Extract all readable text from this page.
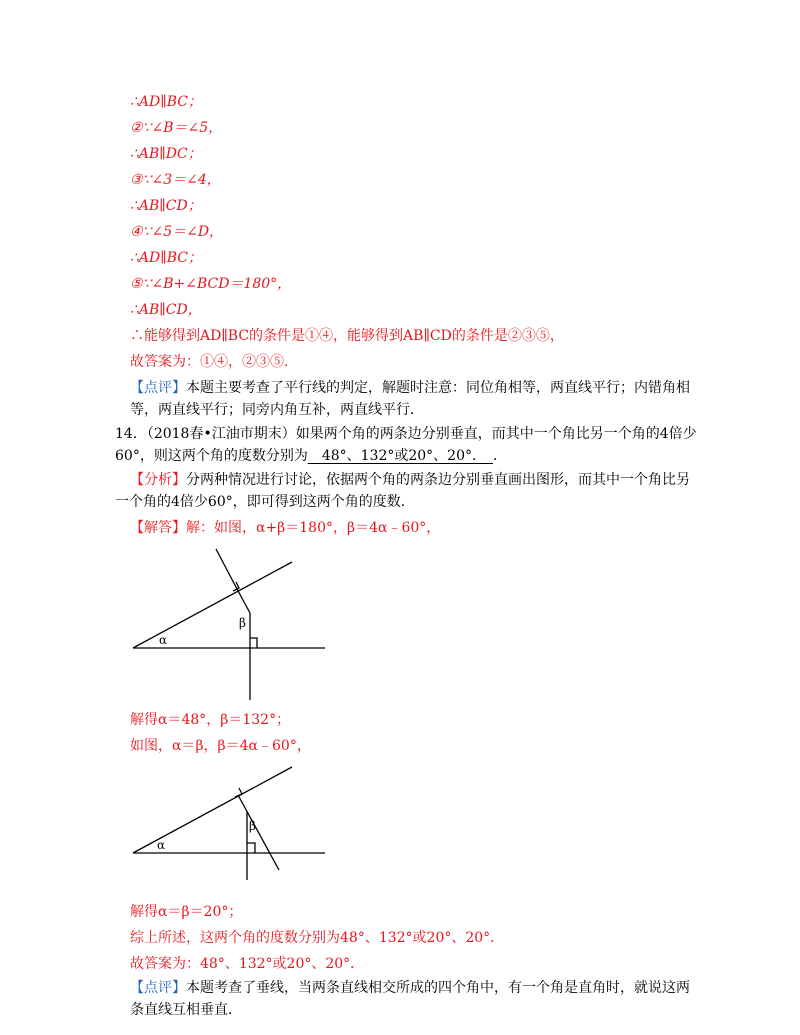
∴AD∥BC；
②∵∠B＝∠5，
∴AB∥DC；
③∵∠3＝∠4，
∴AB∥CD；
④∵∠5＝∠D，
∴AD∥BC；
⑤∵∠B+∠BCD＝180°，
∴AB∥CD，
∴能够得到AD∥BC的条件是①④，能够得到AB∥CD的条件是②③⑤，
故答案为：①④，②③⑤．
【点评】本题主要考查了平行线的判定，解题时注意：同位角相等，两直线平行；内错角相
等，两直线平行；同旁内角互补，两直线平行．
14．（2018春•江油市期末）如果两个角的两条边分别垂直，而其中一个角比另一个角的4倍少
60°，则这两个角的度数分别为　48°、132°或20°、20°．　．
【分析】分两种情况进行讨论，依据两个角的两条边分别垂直画出图形，而其中一个角比另
一个角的4倍少60°，即可得到这两个角的度数．
【解答】解：如图，α+β＝180°，β＝4α﹣60°，
α
β
解得α＝48°，β＝132°；
如图，α＝β，β＝4α﹣60°，
α
β
解得α＝β＝20°；
综上所述，这两个角的度数分别为48°、132°或20°、20°．
故答案为：48°、132°或20°、20°．
【点评】本题考查了垂线，当两条直线相交所成的四个角中，有一个角是直角时，就说这两
条直线互相垂直．
